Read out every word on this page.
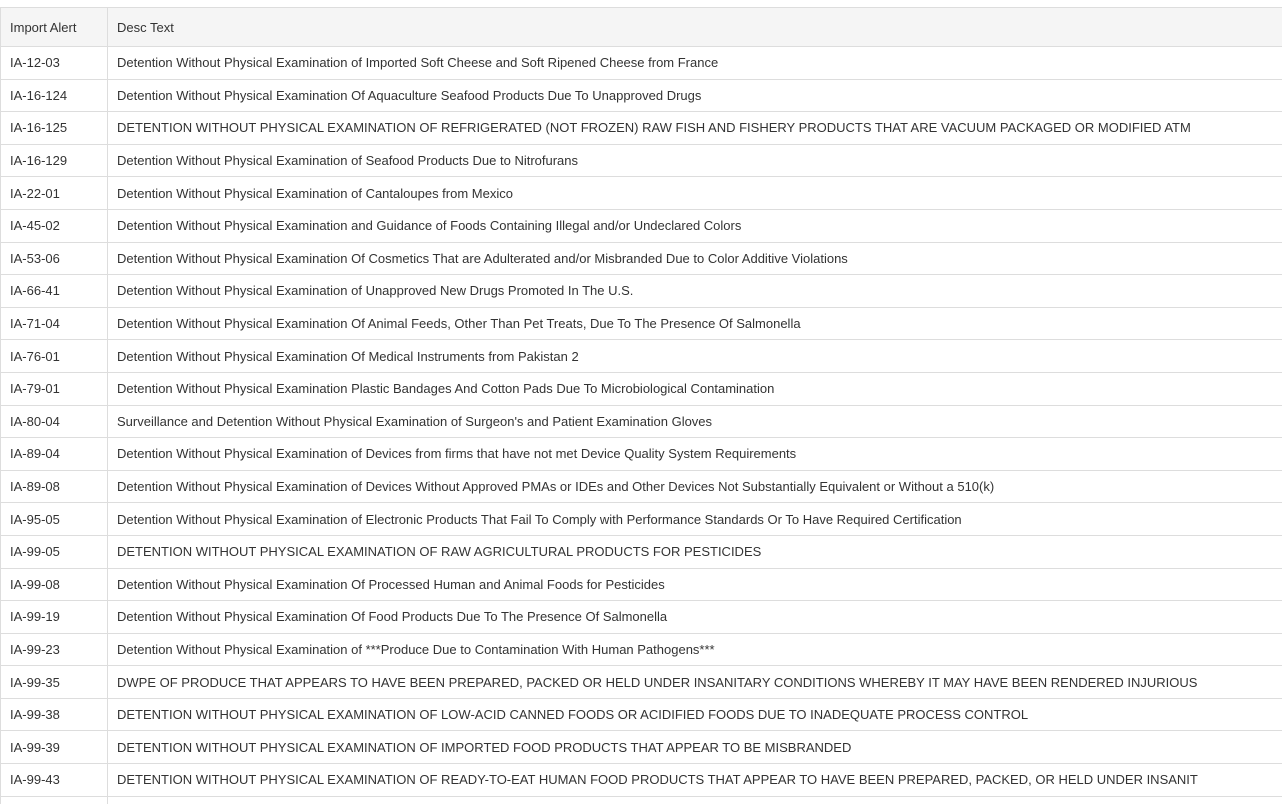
Import Alert	Desc Text
IA-12-03	Detention Without Physical Examination of Imported Soft Cheese and Soft Ripened Cheese from France
IA-16-124	Detention Without Physical Examination Of Aquaculture Seafood Products Due To Unapproved Drugs
IA-16-125	DETENTION WITHOUT PHYSICAL EXAMINATION OF REFRIGERATED (NOT FROZEN) RAW FISH AND FISHERY PRODUCTS THAT ARE VACUUM PACKAGED OR MODIFIED ATM
IA-16-129	Detention Without Physical Examination of Seafood Products Due to Nitrofurans
IA-22-01	Detention Without Physical Examination of Cantaloupes from Mexico
IA-45-02	Detention Without Physical Examination and Guidance of Foods Containing Illegal and/or Undeclared Colors
IA-53-06	Detention Without Physical Examination Of Cosmetics That are Adulterated and/or Misbranded Due to Color Additive Violations
IA-66-41	Detention Without Physical Examination of Unapproved New Drugs Promoted In The U.S.
IA-71-04	Detention Without Physical Examination Of Animal Feeds, Other Than Pet Treats, Due To The Presence Of Salmonella
IA-76-01	Detention Without Physical Examination Of Medical Instruments from Pakistan 2
IA-79-01	Detention Without Physical Examination Plastic Bandages And Cotton Pads Due To Microbiological Contamination
IA-80-04	Surveillance and Detention Without Physical Examination of Surgeon's and Patient Examination Gloves
IA-89-04	Detention Without Physical Examination of Devices from firms that have not met Device Quality System Requirements
IA-89-08	Detention Without Physical Examination of Devices Without Approved PMAs or IDEs and Other Devices Not Substantially Equivalent or Without a 510(k)
IA-95-05	Detention Without Physical Examination of Electronic Products That Fail To Comply with Performance Standards Or To Have Required Certification
IA-99-05	DETENTION WITHOUT PHYSICAL EXAMINATION OF RAW AGRICULTURAL PRODUCTS FOR PESTICIDES
IA-99-08	Detention Without Physical Examination Of Processed Human and Animal Foods for Pesticides
IA-99-19	Detention Without Physical Examination Of Food Products Due To The Presence Of Salmonella
IA-99-23	Detention Without Physical Examination of ***Produce Due to Contamination With Human Pathogens***
IA-99-35	DWPE OF PRODUCE THAT APPEARS TO HAVE BEEN PREPARED, PACKED OR HELD UNDER INSANITARY CONDITIONS WHEREBY IT MAY HAVE BEEN RENDERED INJURIOUS
IA-99-38	DETENTION WITHOUT PHYSICAL EXAMINATION OF LOW-ACID CANNED FOODS OR ACIDIFIED FOODS DUE TO INADEQUATE PROCESS CONTROL
IA-99-39	DETENTION WITHOUT PHYSICAL EXAMINATION OF IMPORTED FOOD PRODUCTS THAT APPEAR TO BE MISBRANDED
IA-99-43	DETENTION WITHOUT PHYSICAL EXAMINATION OF READY-TO-EAT HUMAN FOOD PRODUCTS THAT APPEAR TO HAVE BEEN PREPARED, PACKED, OR HELD UNDER INSANIT
